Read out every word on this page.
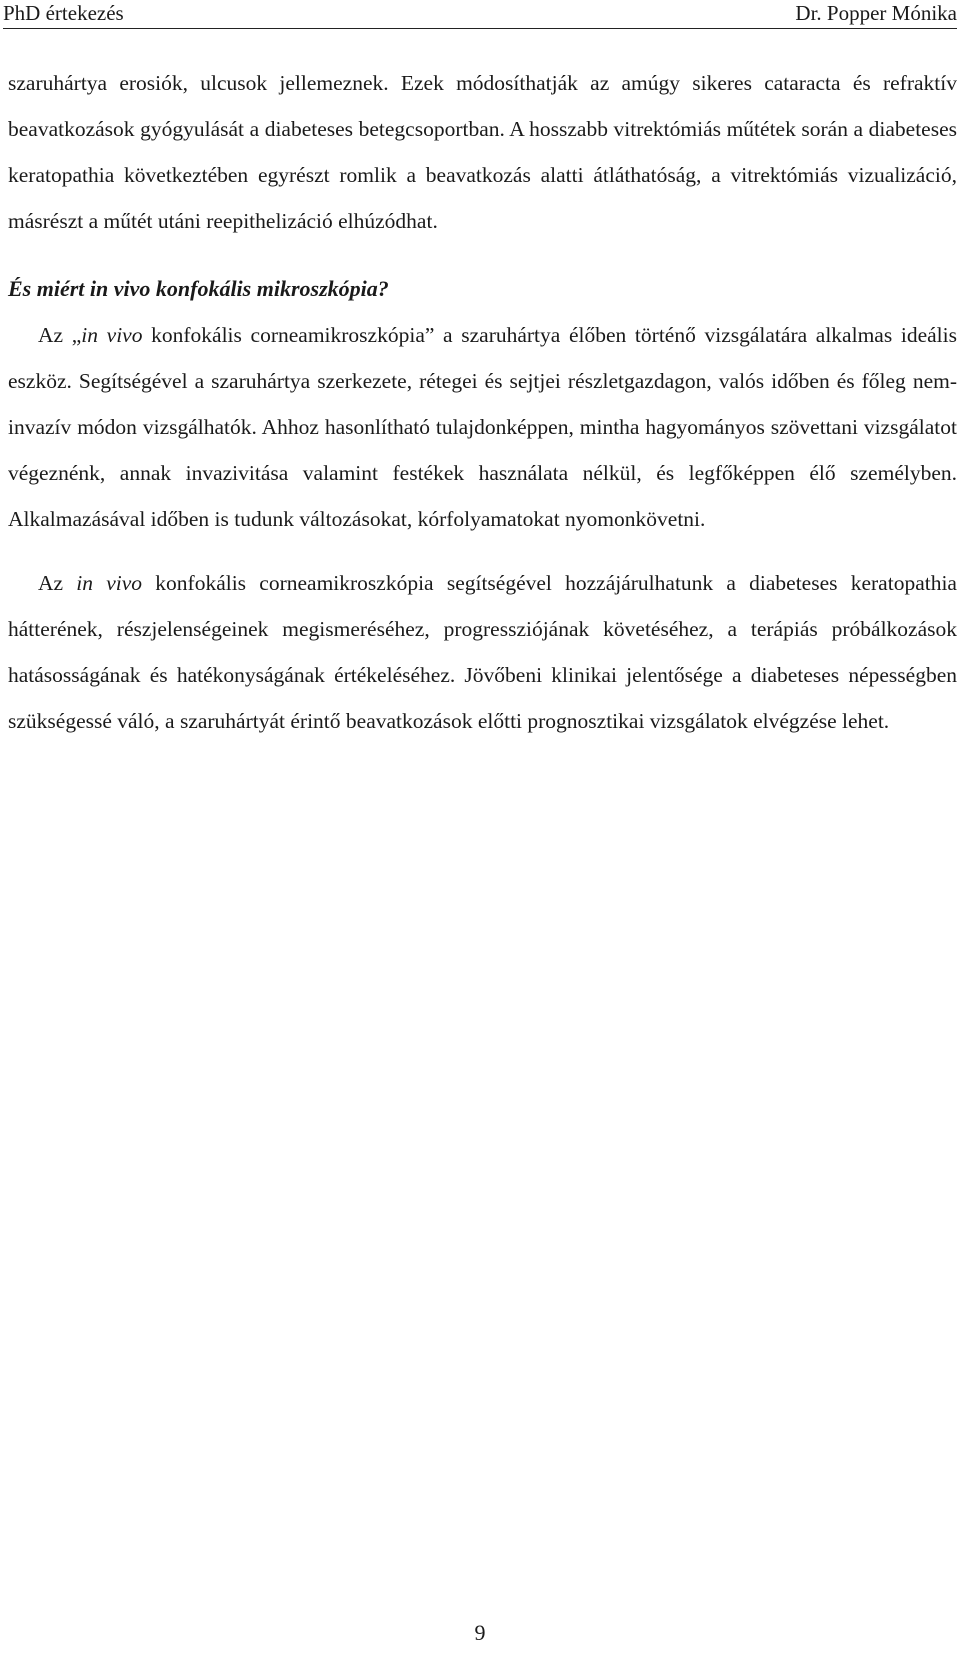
PhD értekezés	Dr. Popper Mónika

szaruhártya erosiók, ulcusok jellemeznek. Ezek módosíthatják az amúgy sikeres cataracta és refraktív beavatkozások gyógyulását a diabeteses betegcsoportban. A hosszabb vitrektómiás műtétek során a diabeteses keratopathia következtében egyrészt romlik a beavatkozás alatti átláthatóság, a vitrektómiás vizualizáció, másrészt a műtét utáni reepithelizáció elhúzódhat.

És miért in vivo konfokális mikroszkópia?

Az „in vivo konfokális corneamikroszkópia” a szaruhártya élőben történő vizsgálatára alkalmas ideális eszköz. Segítségével a szaruhártya szerkezete, rétegei és sejtjei részletgazdagon, valós időben és főleg nem-invazív módon vizsgálhatók. Ahhoz hasonlítható tulajdonképpen, mintha hagyományos szövettani vizsgálatot végeznénk, annak invazivitása valamint festékek használata nélkül, és legfőképpen élő személyben. Alkalmazásával időben is tudunk változásokat, kórfolyamatokat nyomonkövetni.

Az in vivo konfokális corneamikroszkópia segítségével hozzájárulhatunk a diabeteses keratopathia hátterének, részjelenségeinek megismeréséhez, progressziójának követéséhez, a terápiás próbálkozások hatásosságának és hatékonyságának értékeléséhez. Jövőbeni klinikai jelentősége a diabeteses népességben szükségessé váló, a szaruhártyát érintő beavatkozások előtti prognosztikai vizsgálatok elvégzése lehet.

9
